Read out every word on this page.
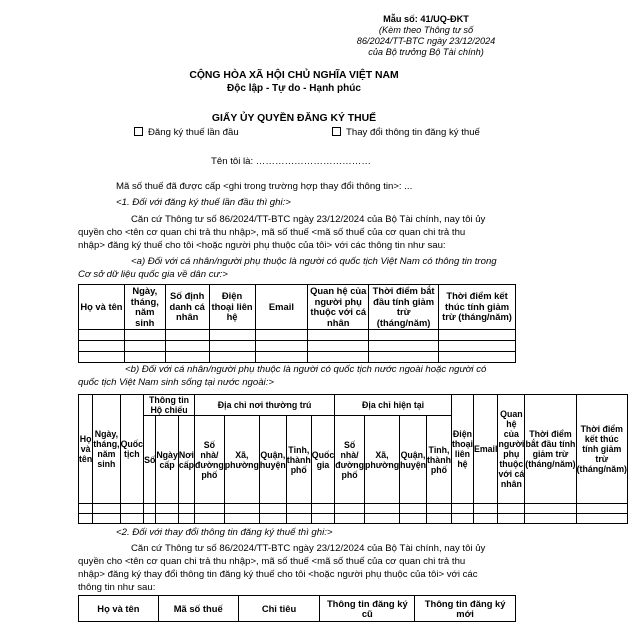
Mẫu số: 41/UQ-ĐKT
(Kèm theo Thông tư số
86/2024/TT-BTC ngày 23/12/2024
của Bộ trưởng Bộ Tài chính)
CỘNG HÒA XÃ HỘI CHỦ NGHĨA VIỆT NAM
Độc lập - Tự do - Hạnh phúc
GIẤY ỦY QUYỀN ĐĂNG KÝ THUẾ
Đăng ký thuế lần đầu	Thay đổi thông tin đăng ký thuế
Tên tôi là: ………………………………
Mã số thuế đã được cấp <ghi trong trường hợp thay đổi thông tin>: ...
<1. Đối với đăng ký thuế lần đầu thì ghi:>
Căn cứ Thông tư số 86/2024/TT-BTC ngày 23/12/2024 của Bộ Tài chính, nay tôi ủy
quyền cho <tên cơ quan chi trả thu nhập>, mã số thuế <mã số thuế của cơ quan chi trả thu
nhập> đăng ký thuế cho tôi <hoặc người phụ thuộc của tôi> với các thông tin như sau:
<a) Đối với cá nhân/người phụ thuộc là người có quốc tịch Việt Nam có thông tin trong
Cơ sở dữ liệu quốc gia về dân cư:>
Họ và tên	Ngày, tháng, năm sinh	Số định danh cá nhân	Điện thoại liên hệ	Email	Quan hệ của người phụ thuộc với cá nhân	Thời điểm bắt đầu tính giảm trừ (tháng/năm)	Thời điểm kết thúc tính giảm trừ (tháng/năm)

<b) Đối với cá nhân/người phụ thuộc là người có quốc tịch nước ngoài hoặc người có
quốc tịch Việt Nam sinh sống tại nước ngoài:>
Họ và tên	Ngày, tháng, năm sinh	Quốc tịch	Thông tin Hộ chiếu			Địa chỉ nơi thường trú					Địa chỉ hiện tại				Điện thoại liên hệ	Email	Quan hệ của người phụ thuộc với cá nhân	Thời điểm bắt đầu tính giảm trừ (tháng/năm)	Thời điểm kết thúc tính giảm trừ (tháng/năm)
			Số	Ngày cấp	Nơi cấp	Số nhà/ đường phố	Xã, phường	Quận, huyện	Tỉnh, thành phố	Quốc gia	Số nhà/ đường phố	Xã, phường	Quận, huyện	Tỉnh, thành phố					

<2. Đối với thay đổi thông tin đăng ký thuế thì ghi:>
Căn cứ Thông tư số 86/2024/TT-BTC ngày 23/12/2024 của Bộ Tài chính, nay tôi ủy
quyền cho <tên cơ quan chi trả thu nhập>, mã số thuế <mã số thuế của cơ quan chi trả thu
nhập> đăng ký thay đổi thông tin đăng ký thuế cho tôi <hoặc người phụ thuộc của tôi> với các
thông tin như sau:
Họ và tên	Mã số thuế	Chỉ tiêu	Thông tin đăng ký cũ	Thông tin đăng ký mới
